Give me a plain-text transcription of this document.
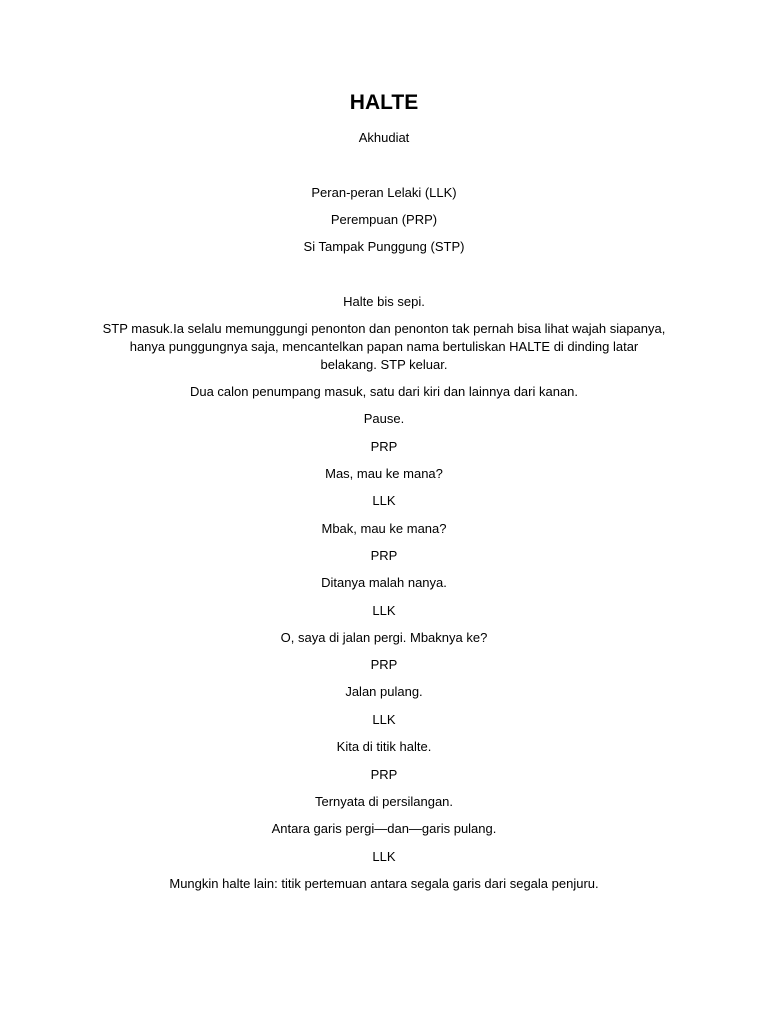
HALTE
Akhudiat
Peran-peran Lelaki (LLK)
Perempuan (PRP)
Si Tampak Punggung (STP)
Halte bis sepi.
STP masuk.Ia selalu memunggungi penonton dan penonton tak pernah bisa lihat wajah siapanya, hanya punggungnya saja, mencantelkan papan nama bertuliskan HALTE di dinding latar belakang. STP keluar.
Dua calon penumpang masuk, satu dari kiri dan lainnya dari kanan.
Pause.
PRP
Mas, mau ke mana?
LLK
Mbak, mau ke mana?
PRP
Ditanya malah nanya.
LLK
O, saya di jalan pergi. Mbaknya ke?
PRP
Jalan pulang.
LLK
Kita di titik halte.
PRP
Ternyata di persilangan.
Antara garis pergi—dan—garis pulang.
LLK
Mungkin halte lain: titik pertemuan antara segala garis dari segala penjuru.
